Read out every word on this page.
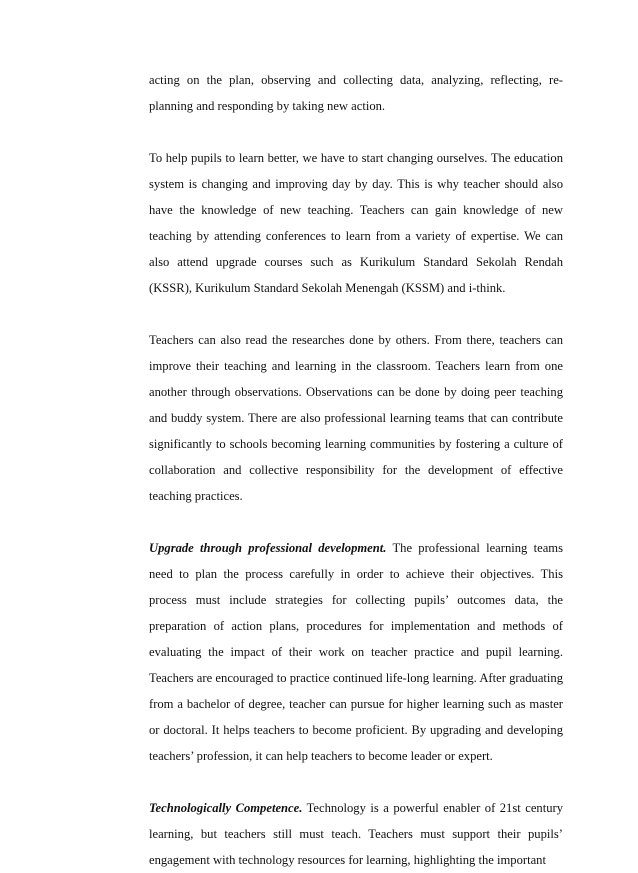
acting on the plan, observing and collecting data, analyzing, reflecting, re-planning and responding by taking new action.

To help pupils to learn better, we have to start changing ourselves. The education system is changing and improving day by day. This is why teacher should also have the knowledge of new teaching. Teachers can gain knowledge of new teaching by attending conferences to learn from a variety of expertise. We can also attend upgrade courses such as Kurikulum Standard Sekolah Rendah (KSSR), Kurikulum Standard Sekolah Menengah (KSSM) and i-think.

Teachers can also read the researches done by others. From there, teachers can improve their teaching and learning in the classroom. Teachers learn from one another through observations. Observations can be done by doing peer teaching and buddy system. There are also professional learning teams that can contribute significantly to schools becoming learning communities by fostering a culture of collaboration and collective responsibility for the development of effective teaching practices.

Upgrade through professional development. The professional learning teams need to plan the process carefully in order to achieve their objectives. This process must include strategies for collecting pupils’ outcomes data, the preparation of action plans, procedures for implementation and methods of evaluating the impact of their work on teacher practice and pupil learning. Teachers are encouraged to practice continued life-long learning. After graduating from a bachelor of degree, teacher can pursue for higher learning such as master or doctoral. It helps teachers to become proficient. By upgrading and developing teachers’ profession, it can help teachers to become leader or expert.

Technologically Competence. Technology is a powerful enabler of 21st century learning, but teachers still must teach. Teachers must support their pupils’ engagement with technology resources for learning, highlighting the important
